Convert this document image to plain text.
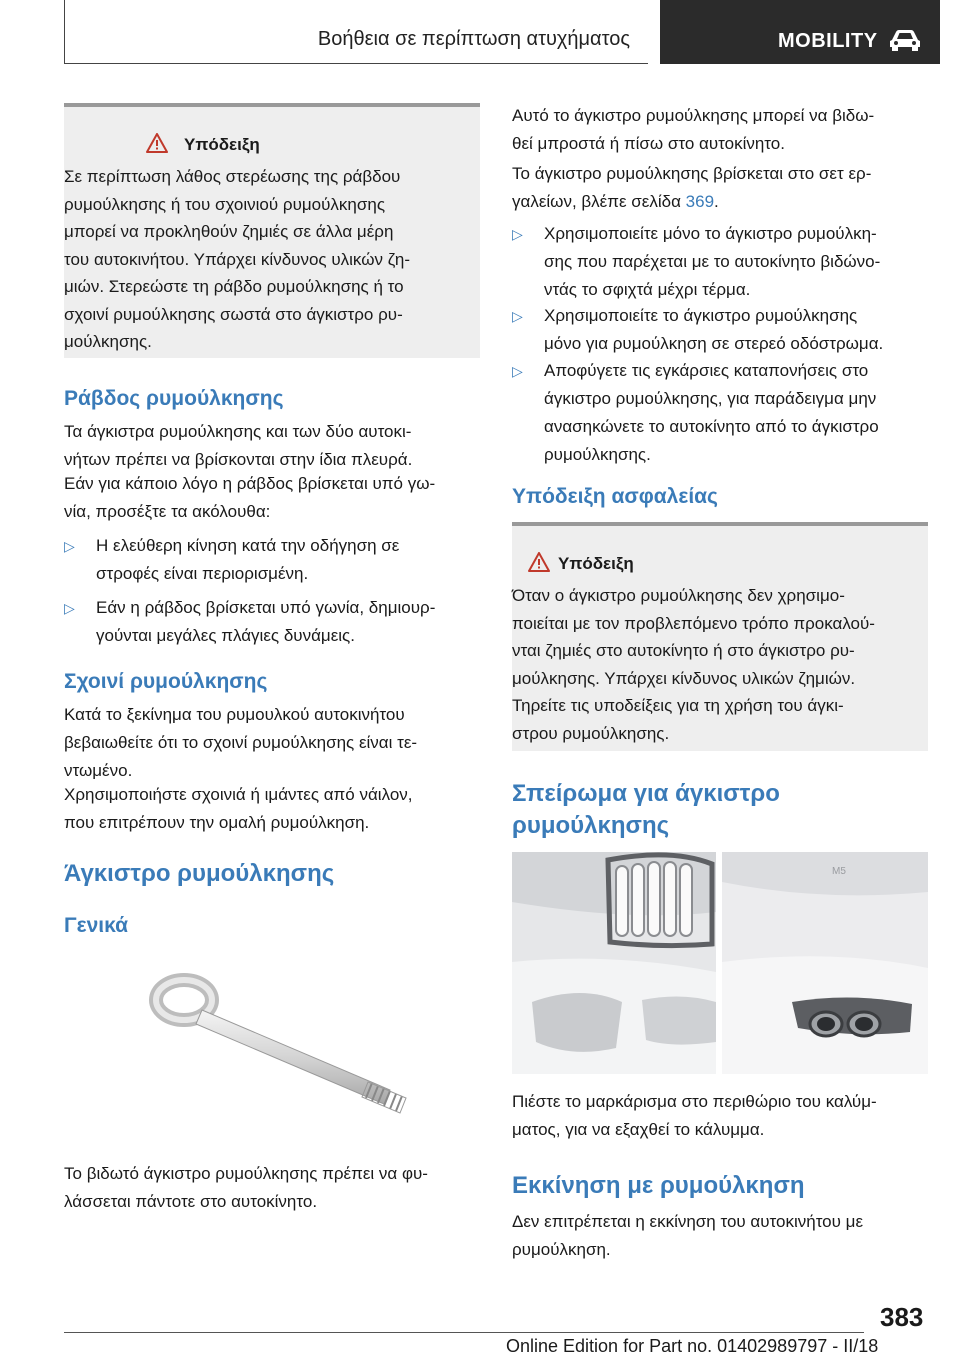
Βοήθεια σε περίπτωση ατυχήματος	MOBILITY
Υπόδειξη
Σε περίπτωση λάθος στερέωσης της ράβδου
ρυμούλκησης ή του σχοινιού ρυμούλκησης
μπορεί να προκληθούν ζημιές σε άλλα μέρη
του αυτοκινήτου. Υπάρχει κίνδυνος υλικών ζη‐
μιών. Στερεώστε τη ράβδο ρυμούλκησης ή το
σχοινί ρυμούλκησης σωστά στο άγκιστρο ρυ‐
μούλκησης.
Ράβδος ρυμούλκησης

Τα άγκιστρα ρυμούλκησης και των δύο αυτοκι‐

νήτων πρέπει να βρίσκονται στην ίδια πλευρά.

Εάν για κάποιο λόγο η ράβδος βρίσκεται υπό γω‐

νία, προσέξτε τα ακόλουθα:

▷ Η ελεύθερη κίνηση κατά την οδήγηση σε
στροφές είναι περιορισμένη.
▷ Εάν η ράβδος βρίσκεται υπό γωνία, δημιουρ‐
γούνται μεγάλες πλάγιες δυνάμεις.
Σχοινί ρυμούλκησης

Κατά το ξεκίνημα του ρυμουλκού αυτοκινήτου

βεβαιωθείτε ότι το σχοινί ρυμούλκησης είναι τε‐

ντωμένο.

Χρησιμοποιήστε σχοινιά ή ιμάντες από νάιλον,

που επιτρέπουν την ομαλή ρυμούλκηση.

Άγκιστρο ρυμούλκησης
Γενικά

Το βιδωτό άγκιστρο ρυμούλκησης πρέπει να φυ‐

λάσσεται πάντοτε στο αυτοκίνητο.

Αυτό το άγκιστρο ρυμούλκησης μπορεί να βιδω‐

θεί μπροστά ή πίσω στο αυτοκίνητο.

Το άγκιστρο ρυμούλκησης βρίσκεται στο σετ ερ‐

γαλείων, βλέπε σελίδα 369.

▷ Χρησιμοποιείτε μόνο το άγκιστρο ρυμούλκη‐
σης που παρέχεται με το αυτοκίνητο βιδώνο‐
ντάς το σφιχτά μέχρι τέρμα.
▷ Χρησιμοποιείτε το άγκιστρο ρυμούλκησης
μόνο για ρυμούλκηση σε στερεό οδόστρωμα.
▷ Αποφύγετε τις εγκάρσιες καταπονήσεις στο
άγκιστρο ρυμούλκησης, για παράδειγμα μην
ανασηκώνετε το αυτοκίνητο από το άγκιστρο
ρυμούλκησης.
Υπόδειξη ασφαλείας
Υπόδειξη
Όταν ο άγκιστρο ρυμούλκησης δεν χρησιμο‐
ποιείται με τον προβλεπόμενο τρόπο προκαλού‐
νται ζημιές στο αυτοκίνητο ή στο άγκιστρο ρυ‐
μούλκησης. Υπάρχει κίνδυνος υλικών ζημιών.
Τηρείτε τις υποδείξεις για τη χρήση του άγκι‐
στρου ρυμούλκησης.
Σπείρωμα για άγκιστρο
ρυμούλκησης
M5

Πιέστε το μαρκάρισμα στο περιθώριο του καλύμ‐

ματος, για να εξαχθεί το κάλυμμα.

Εκκίνηση με ρυμούλκηση

Δεν επιτρέπεται η εκκίνηση του αυτοκινήτου με

ρυμούλκηση.

383
Online Edition for Part no. 01402989797 - II/18
